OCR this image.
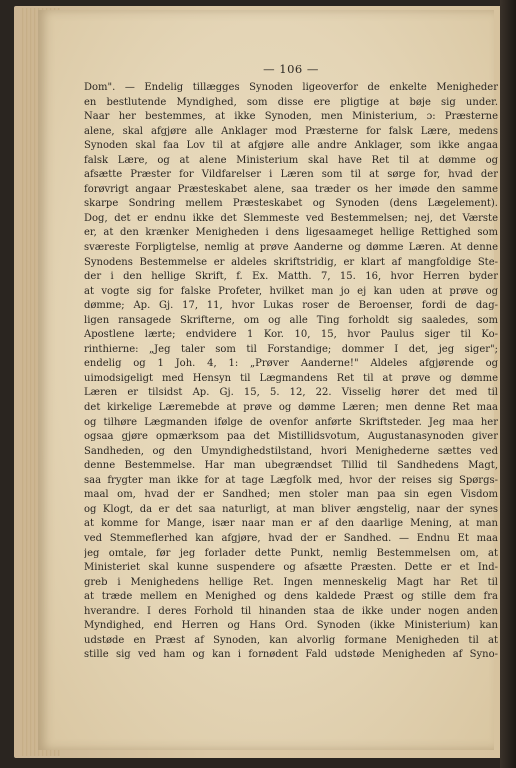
— 106 —
Dom". — Endelig tillægges Synoden ligeoverfor de enkelte Menigheder
en bestlutende Myndighed, som disse ere pligtige at bøje sig under.
Naar her bestemmes, at ikke Synoden, men Ministerium, ɔ: Præsterne
alene, skal afgjøre alle Anklager mod Præsterne for falsk Lære, medens
Synoden skal faa Lov til at afgjøre alle andre Anklager, som ikke angaa
falsk Lære, og at alene Ministerium skal have Ret til at dømme og
afsætte Præster for Vildfarelser i Læren som til at sørge for, hvad der
forøvrigt angaar Præsteskabet alene, saa træder os her imøde den samme
skarpe Sondring mellem Præsteskabet og Synoden (dens Lægelement).
Dog, det er endnu ikke det Slemmeste ved Bestemmelsen; nej, det Værste
er, at den krænker Menigheden i dens ligesaameget hellige Rettighed som
sværeste Forpligtelse, nemlig at prøve Aanderne og dømme Læren. At denne
Synodens Bestemmelse er aldeles skriftstridig, er klart af mangfoldige Ste-
der i den hellige Skrift, f. Ex. Matth. 7, 15. 16, hvor Herren byder
at vogte sig for falske Profeter, hvilket man jo ej kan uden at prøve og
dømme; Ap. Gj. 17, 11, hvor Lukas roser de Beroenser, fordi de dag-
ligen ransagede Skrifterne, om og alle Ting forholdt sig saaledes, som
Apostlene lærte; endvidere 1 Kor. 10, 15, hvor Paulus siger til Ko-
rinthierne: „Jeg taler som til Forstandige; dommer I det, jeg siger";
endelig og 1 Joh. 4, 1: „Prøver Aanderne!" Aldeles afgjørende og
uimodsigeligt med Hensyn til Lægmandens Ret til at prøve og dømme
Læren er tilsidst Ap. Gj. 15, 5. 12, 22. Visselig hører det med til
det kirkelige Læremebde at prøve og dømme Læren; men denne Ret maa
og tilhøre Lægmanden ifølge de ovenfor anførte Skriftsteder. Jeg maa her
ogsaa gjøre opmærksom paa det Mistillidsvotum, Augustanasynoden giver
Sandheden, og den Umyndighedstilstand, hvori Menighederne sættes ved
denne Bestemmelse. Har man ubegrændset Tillid til Sandhedens Magt,
saa frygter man ikke for at tage Lægfolk med, hvor der reises sig Spørgs-
maal om, hvad der er Sandhed; men stoler man paa sin egen Visdom
og Klogt, da er det saa naturligt, at man bliver ængstelig, naar der synes
at komme for Mange, især naar man er af den daarlige Mening, at man
ved Stemmeflerhed kan afgjøre, hvad der er Sandhed. — Endnu Et maa
jeg omtale, før jeg forlader dette Punkt, nemlig Bestemmelsen om, at
Ministeriet skal kunne suspendere og afsætte Præsten. Dette er et Ind-
greb i Menighedens hellige Ret. Ingen menneskelig Magt har Ret til
at træde mellem en Menighed og dens kaldede Præst og stille dem fra
hverandre. I deres Forhold til hinanden staa de ikke under nogen anden
Myndighed, end Herren og Hans Ord. Synoden (ikke Ministerium) kan
udstøde en Præst af Synoden, kan alvorlig formane Menigheden til at
stille sig ved ham og kan i fornødent Fald udstøde Menigheden af Syno-
